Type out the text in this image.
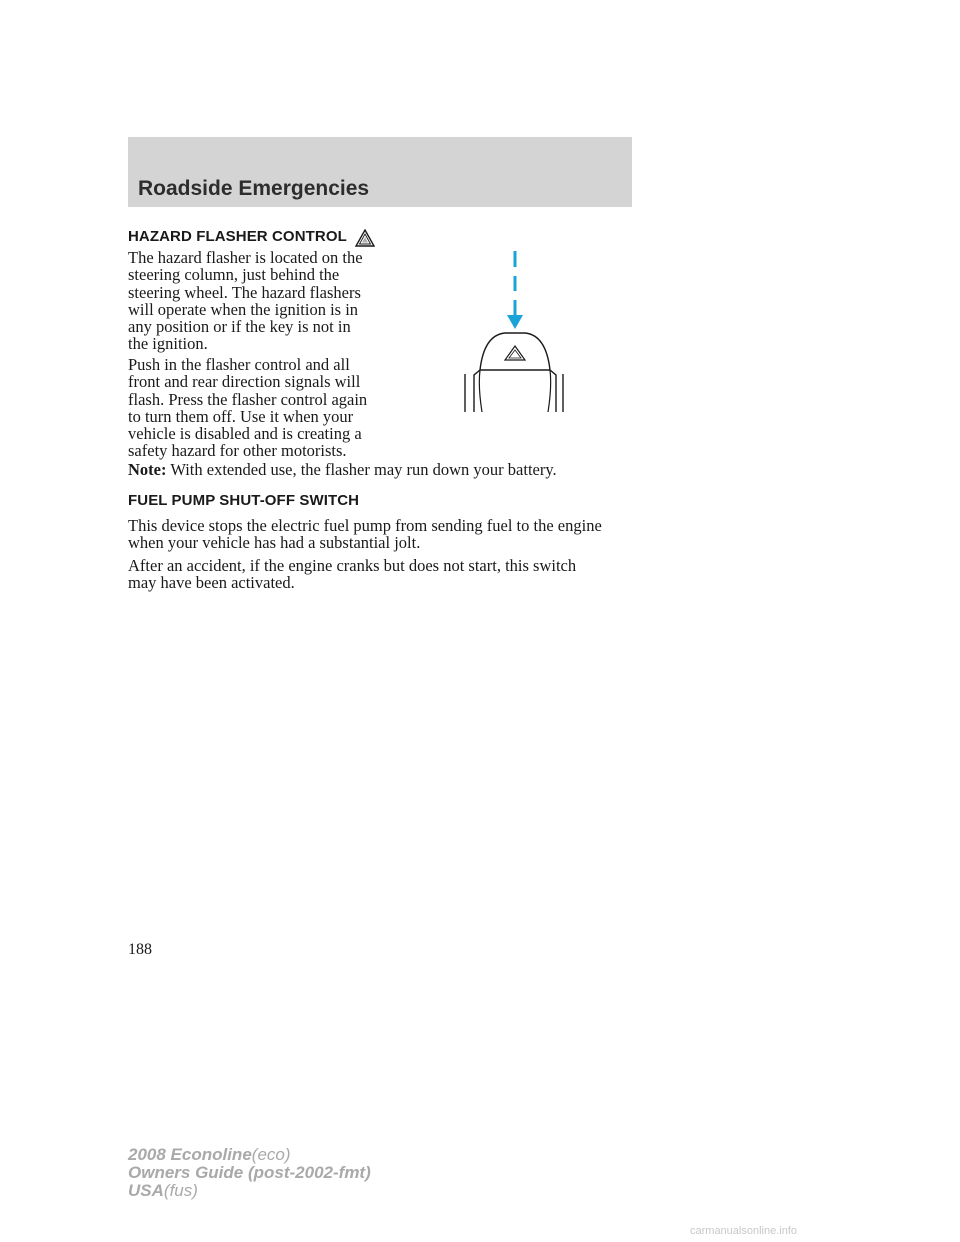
Roadside Emergencies
HAZARD FLASHER CONTROL

The hazard flasher is located on the
steering column, just behind the
steering wheel. The hazard flashers
will operate when the ignition is in
any position or if the key is not in
the ignition.

Push in the flasher control and all
front and rear direction signals will
flash. Press the flasher control again
to turn them off. Use it when your
vehicle is disabled and is creating a
safety hazard for other motorists.

Note: With extended use, the flasher may run down your battery.

FUEL PUMP SHUT-OFF SWITCH

This device stops the electric fuel pump from sending fuel to the engine
when your vehicle has had a substantial jolt.

After an accident, if the engine cranks but does not start, this switch
may have been activated.

188
2008 Econoline(eco)
Owners Guide (post-2002-fmt)
USA(fus)
carmanualsonline.info
